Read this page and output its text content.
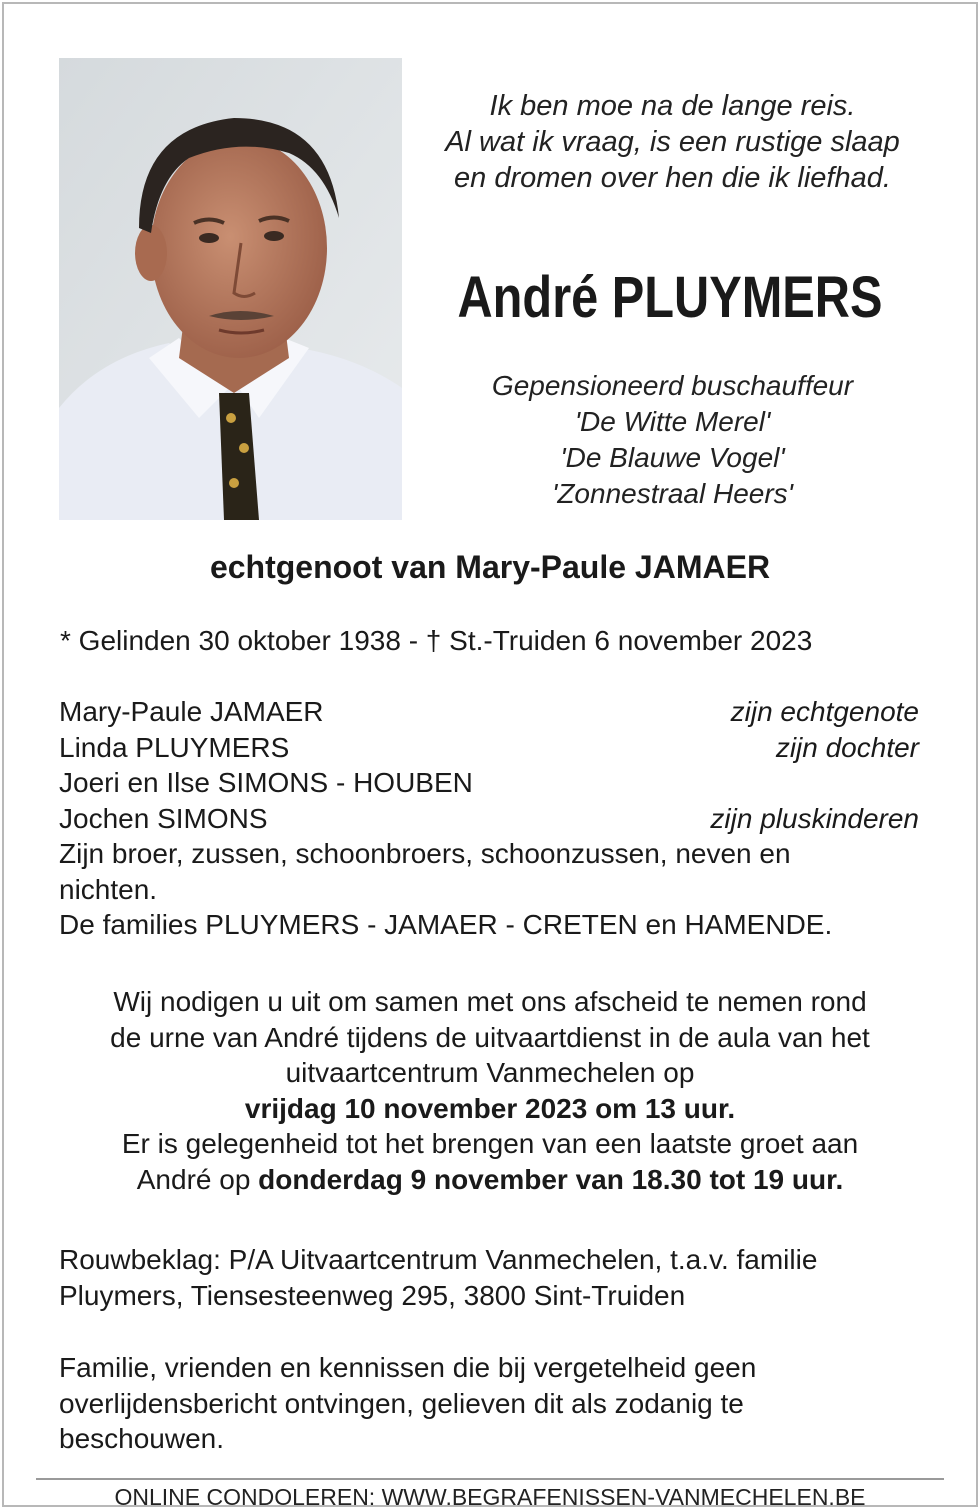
Ik ben moe na de lange reis.
Al wat ik vraag, is een rustige slaap
en dromen over hen die ik liefhad.
André PLUYMERS
Gepensioneerd buschauffeur
'De Witte Merel'
'De Blauwe Vogel'
'Zonnestraal Heers'
echtgenoot van Mary-Paule JAMAER
* Gelinden 30 oktober 1938 - † St.-Truiden 6 november 2023
Mary-Paule JAMAER	zijn echtgenote
Linda PLUYMERS	zijn dochter
Joeri en Ilse SIMONS - HOUBEN
Jochen SIMONS	zijn pluskinderen
Zijn broer, zussen, schoonbroers, schoonzussen, neven en
nichten.
De families PLUYMERS - JAMAER - CRETEN en HAMENDE.
Wij nodigen u uit om samen met ons afscheid te nemen rond
de urne van André tijdens de uitvaartdienst in de aula van het
uitvaartcentrum Vanmechelen op
vrijdag 10 november 2023 om 13 uur.
Er is gelegenheid tot het brengen van een laatste groet aan
André op donderdag 9 november van 18.30 tot 19 uur.
Rouwbeklag: P/A Uitvaartcentrum Vanmechelen, t.a.v. familie
Pluymers, Tiensesteenweg 295, 3800 Sint-Truiden
Familie, vrienden en kennissen die bij vergetelheid geen
overlijdensbericht ontvingen, gelieven dit als zodanig te
beschouwen.
ONLINE CONDOLEREN: WWW.BEGRAFENISSEN-VANMECHELEN.BE
